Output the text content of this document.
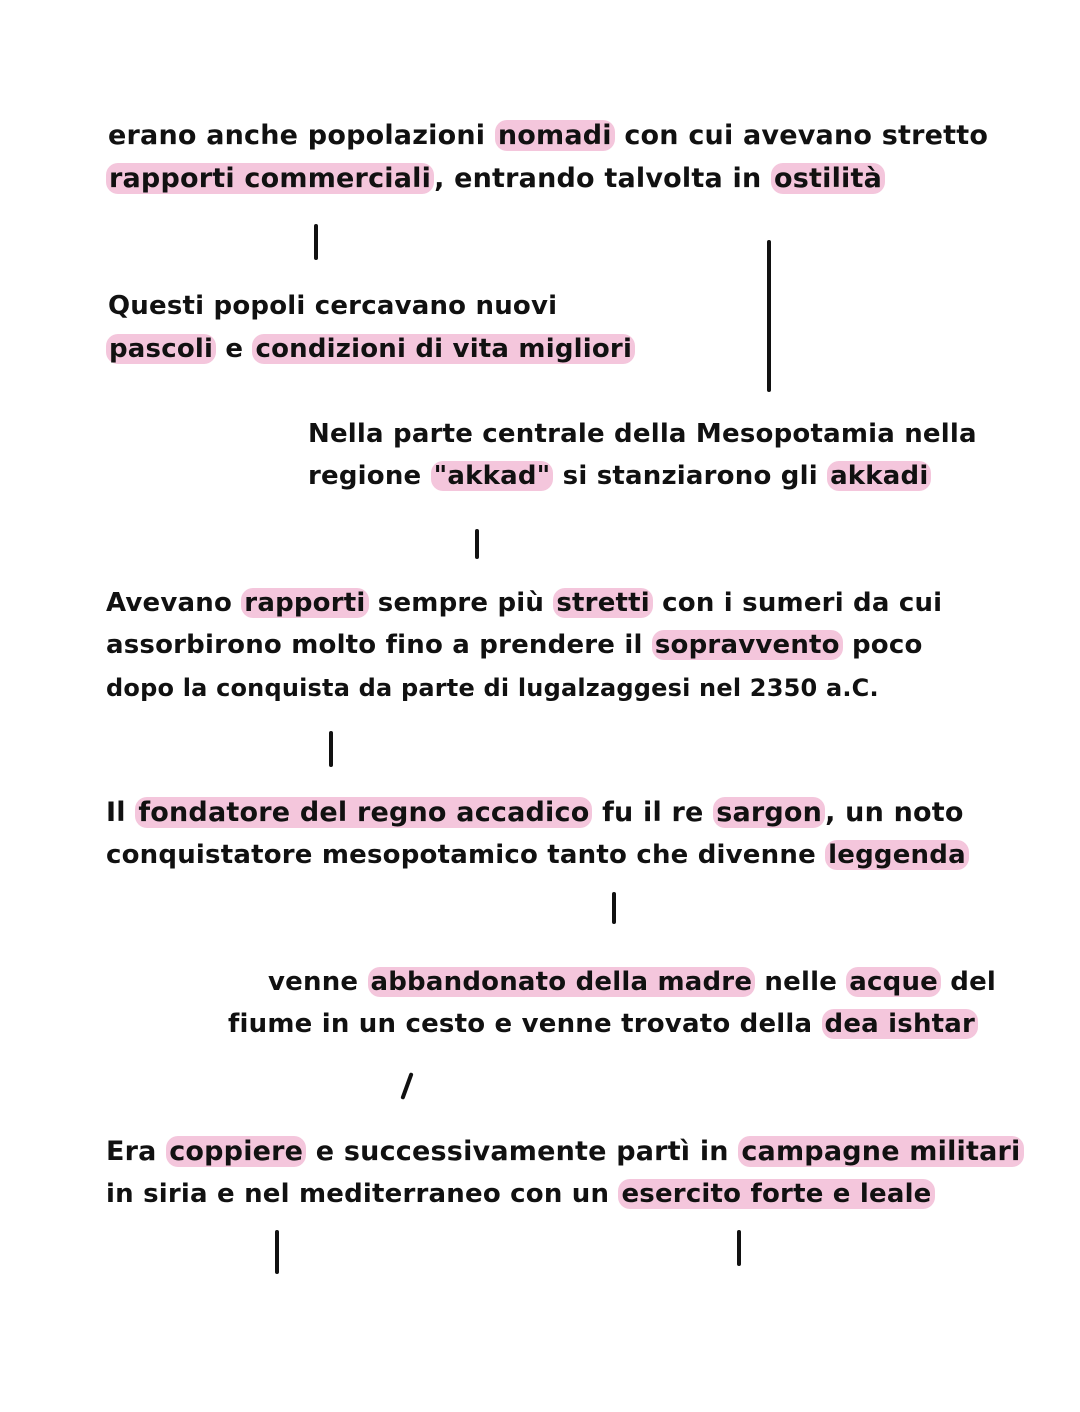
erano anche popolazioni nomadi con cui avevano stretto
rapporti commerciali , entrando talvolta in ostilità
Questi popoli cercavano nuovi
pascoli e condizioni di vita migliori
Nella parte centrale della Mesopotamia nella
regione "akkad" si stanziarono gli akkadi
Avevano rapporti sempre più stretti con i sumeri da cui
assorbirono molto fino a prendere il sopravvento poco
dopo la conquista da parte di lugalzaggesi nel 2350 a.C.
Il fondatore del regno accadico fu il re sargon , un noto
conquistatore mesopotamico tanto che divenne leggenda
venne abbandonato della madre nelle acque del
fiume in un cesto e venne trovato della dea ishtar
Era coppiere e successivamente partì in campagne militari
in siria e nel mediterraneo con un esercito forte e leale
